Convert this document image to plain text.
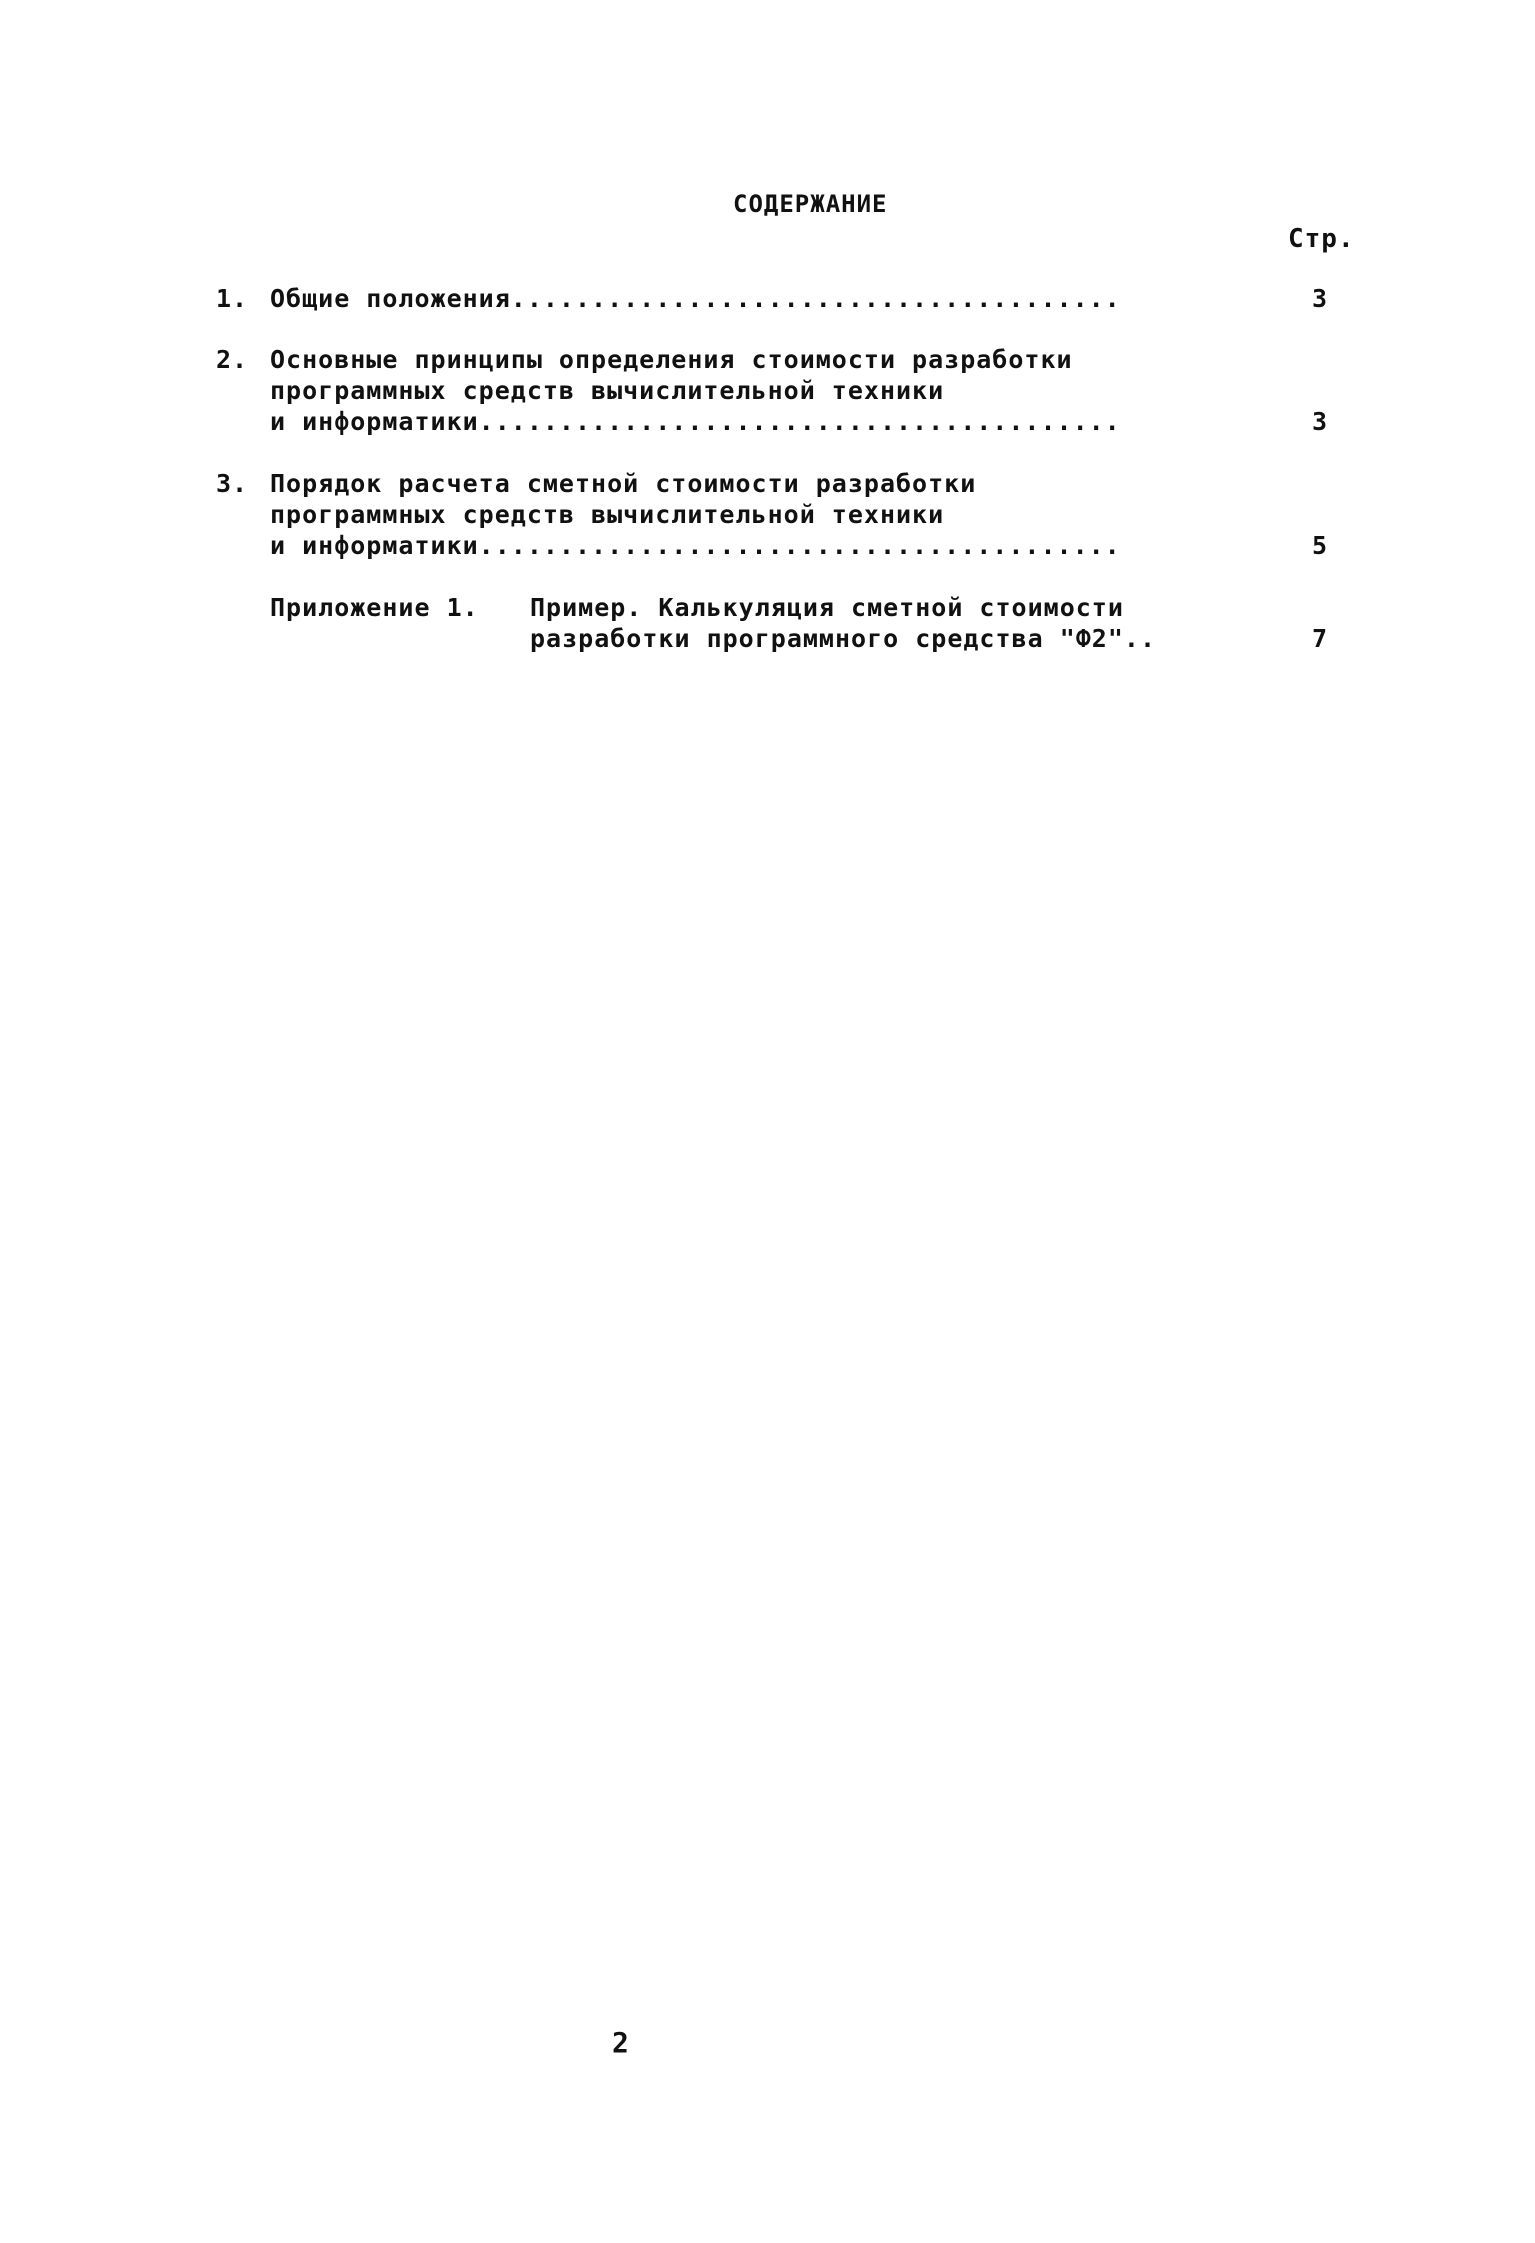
СОДЕРЖАНИЕ
Стр.
1. Общие положения......................................	3
2. Основные принципы определения стоимости разработки
программных средств вычислительной техники
и информатики........................................	3
3. Порядок расчета сметной стоимости разработки
программных средств вычислительной техники
и информатики........................................	5
Приложение 1. Пример. Калькуляция сметной стоимости
разработки программного средства "Ф2"..	7
2
